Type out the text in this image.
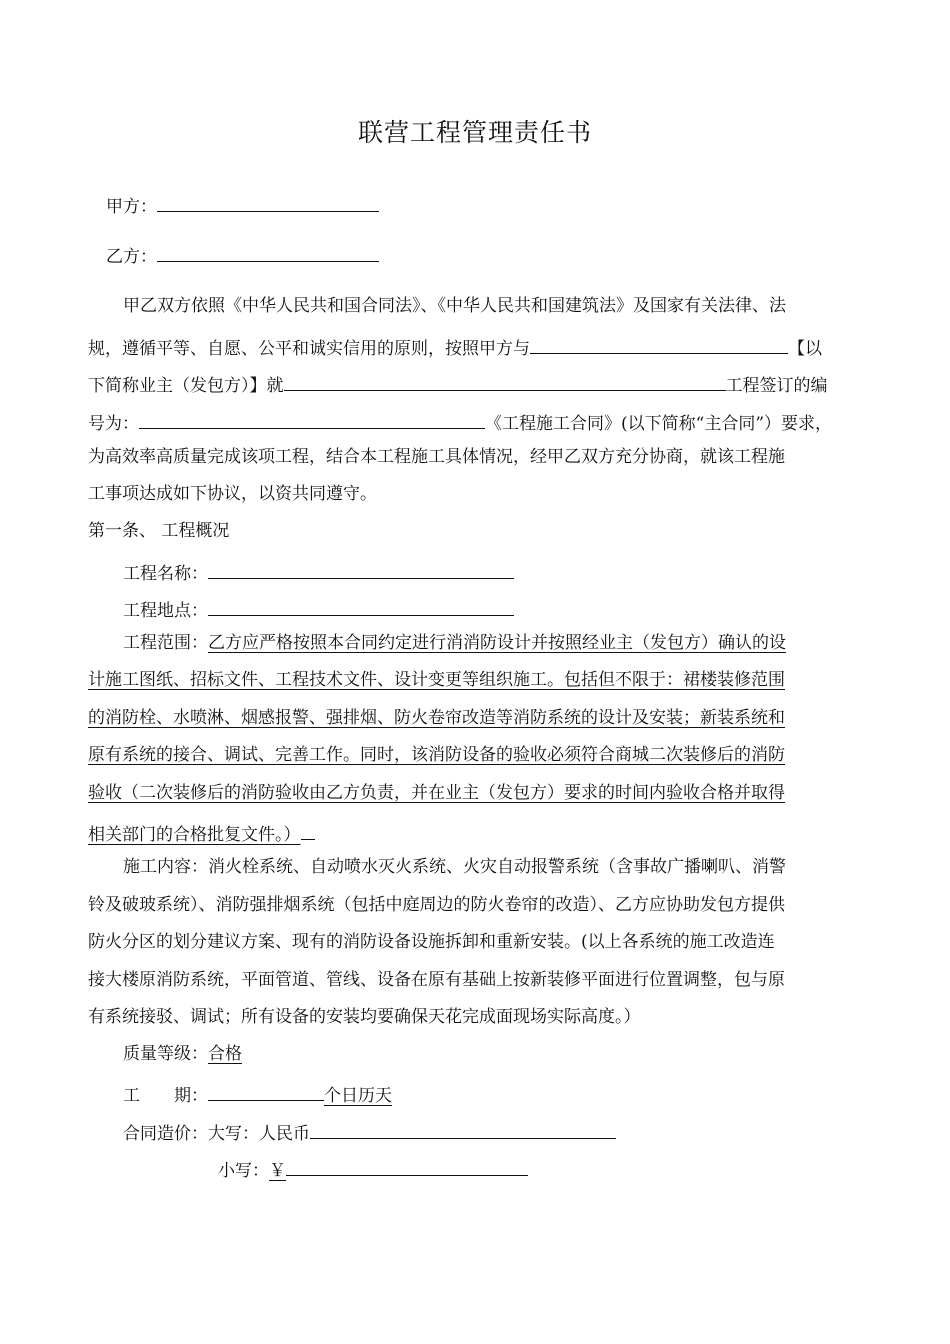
联营工程管理责任书
甲方：
乙方：
甲乙双方依照《中华人民共和国合同法》、《中华人民共和国建筑法》及国家有关法律、法
规，遵循平等、自愿、公平和诚实信用的原则，按照甲方与	【以
下简称业主（发包方）】就	工程签订的编
号为：	《工程施工合同》(以下简称“主合同”）要求，
为高效率高质量完成该项工程，结合本工程施工具体情况，经甲乙双方充分协商，就该工程施
工事项达成如下协议，以资共同遵守。
第一条、 工程概况
工程名称：
工程地点：
工程范围：乙方应严格按照本合同约定进行消消防设计并按照经业主（发包方）确认的设
计施工图纸、招标文件、工程技术文件、设计变更等组织施工。包括但不限于：裙楼装修范围
的消防栓、水喷淋、烟感报警、强排烟、防火卷帘改造等消防系统的设计及安装；新装系统和
原有系统的接合、调试、完善工作。同时，该消防设备的验收必须符合商城二次装修后的消防
验收（二次装修后的消防验收由乙方负责，并在业主（发包方）要求的时间内验收合格并取得
相关部门的合格批复文件。）
施工内容：消火栓系统、自动喷水灭火系统、火灾自动报警系统（含事故广播喇叭、消警
铃及破玻系统）、消防强排烟系统（包括中庭周边的防火卷帘的改造）、乙方应协助发包方提供
防火分区的划分建议方案、现有的消防设备设施拆卸和重新安装。(以上各系统的施工改造连
接大楼原消防系统，平面管道、管线、设备在原有基础上按新装修平面进行位置调整，包与原
有系统接驳、调试；所有设备的安装均要确保天花完成面现场实际高度。）
质量等级：合格
工　　期：	个日历天
合同造价：大写：人民币
小写：￥
